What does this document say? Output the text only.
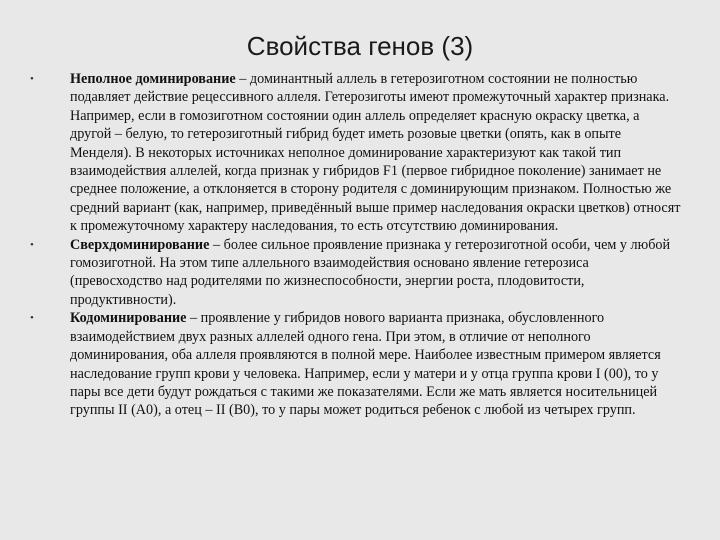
Свойства генов (3)
•	Неполное доминирование – доминантный аллель в гетерозиготном состоянии не полностью подавляет действие рецессивного аллеля. Гетерозиготы имеют промежуточный характер признака. Например, если в гомозиготном состоянии один аллель определяет красную окраску цветка, а другой – белую, то гетерозиготный гибрид будет иметь розовые цветки (опять, как в опыте Менделя). В некоторых источниках неполное доминирование характеризуют как такой тип взаимодействия аллелей, когда признак у гибридов F1 (первое гибридное поколение) занимает не среднее положение, а отклоняется в сторону родителя с доминирующим признаком. Полностью же средний вариант (как, например, приведённый выше пример наследования окраски цветков) относят к промежуточному характеру наследования, то есть отсутствию доминирования.
•	Сверхдоминирование – более сильное проявление признака у гетерозиготной особи, чем у любой гомозиготной. На этом типе аллельного взаимодействия основано явление гетерозиса (превосходство над родителями по жизнеспособности, энергии роста, плодовитости, продуктивности).
•	Кодоминирование – проявление у гибридов нового варианта признака, обусловленного взаимодействием двух разных аллелей одного гена. При этом, в отличие от неполного доминирования, оба аллеля проявляются в полной мере. Наиболее известным примером является наследование групп крови у человека. Например, если у матери и у отца группа крови I (00), то у пары все дети будут рождаться с такими же показателями. Если же мать является носительницей группы II (A0), а отец – II (B0), то у пары может родиться ребенок с любой из четырех групп.
